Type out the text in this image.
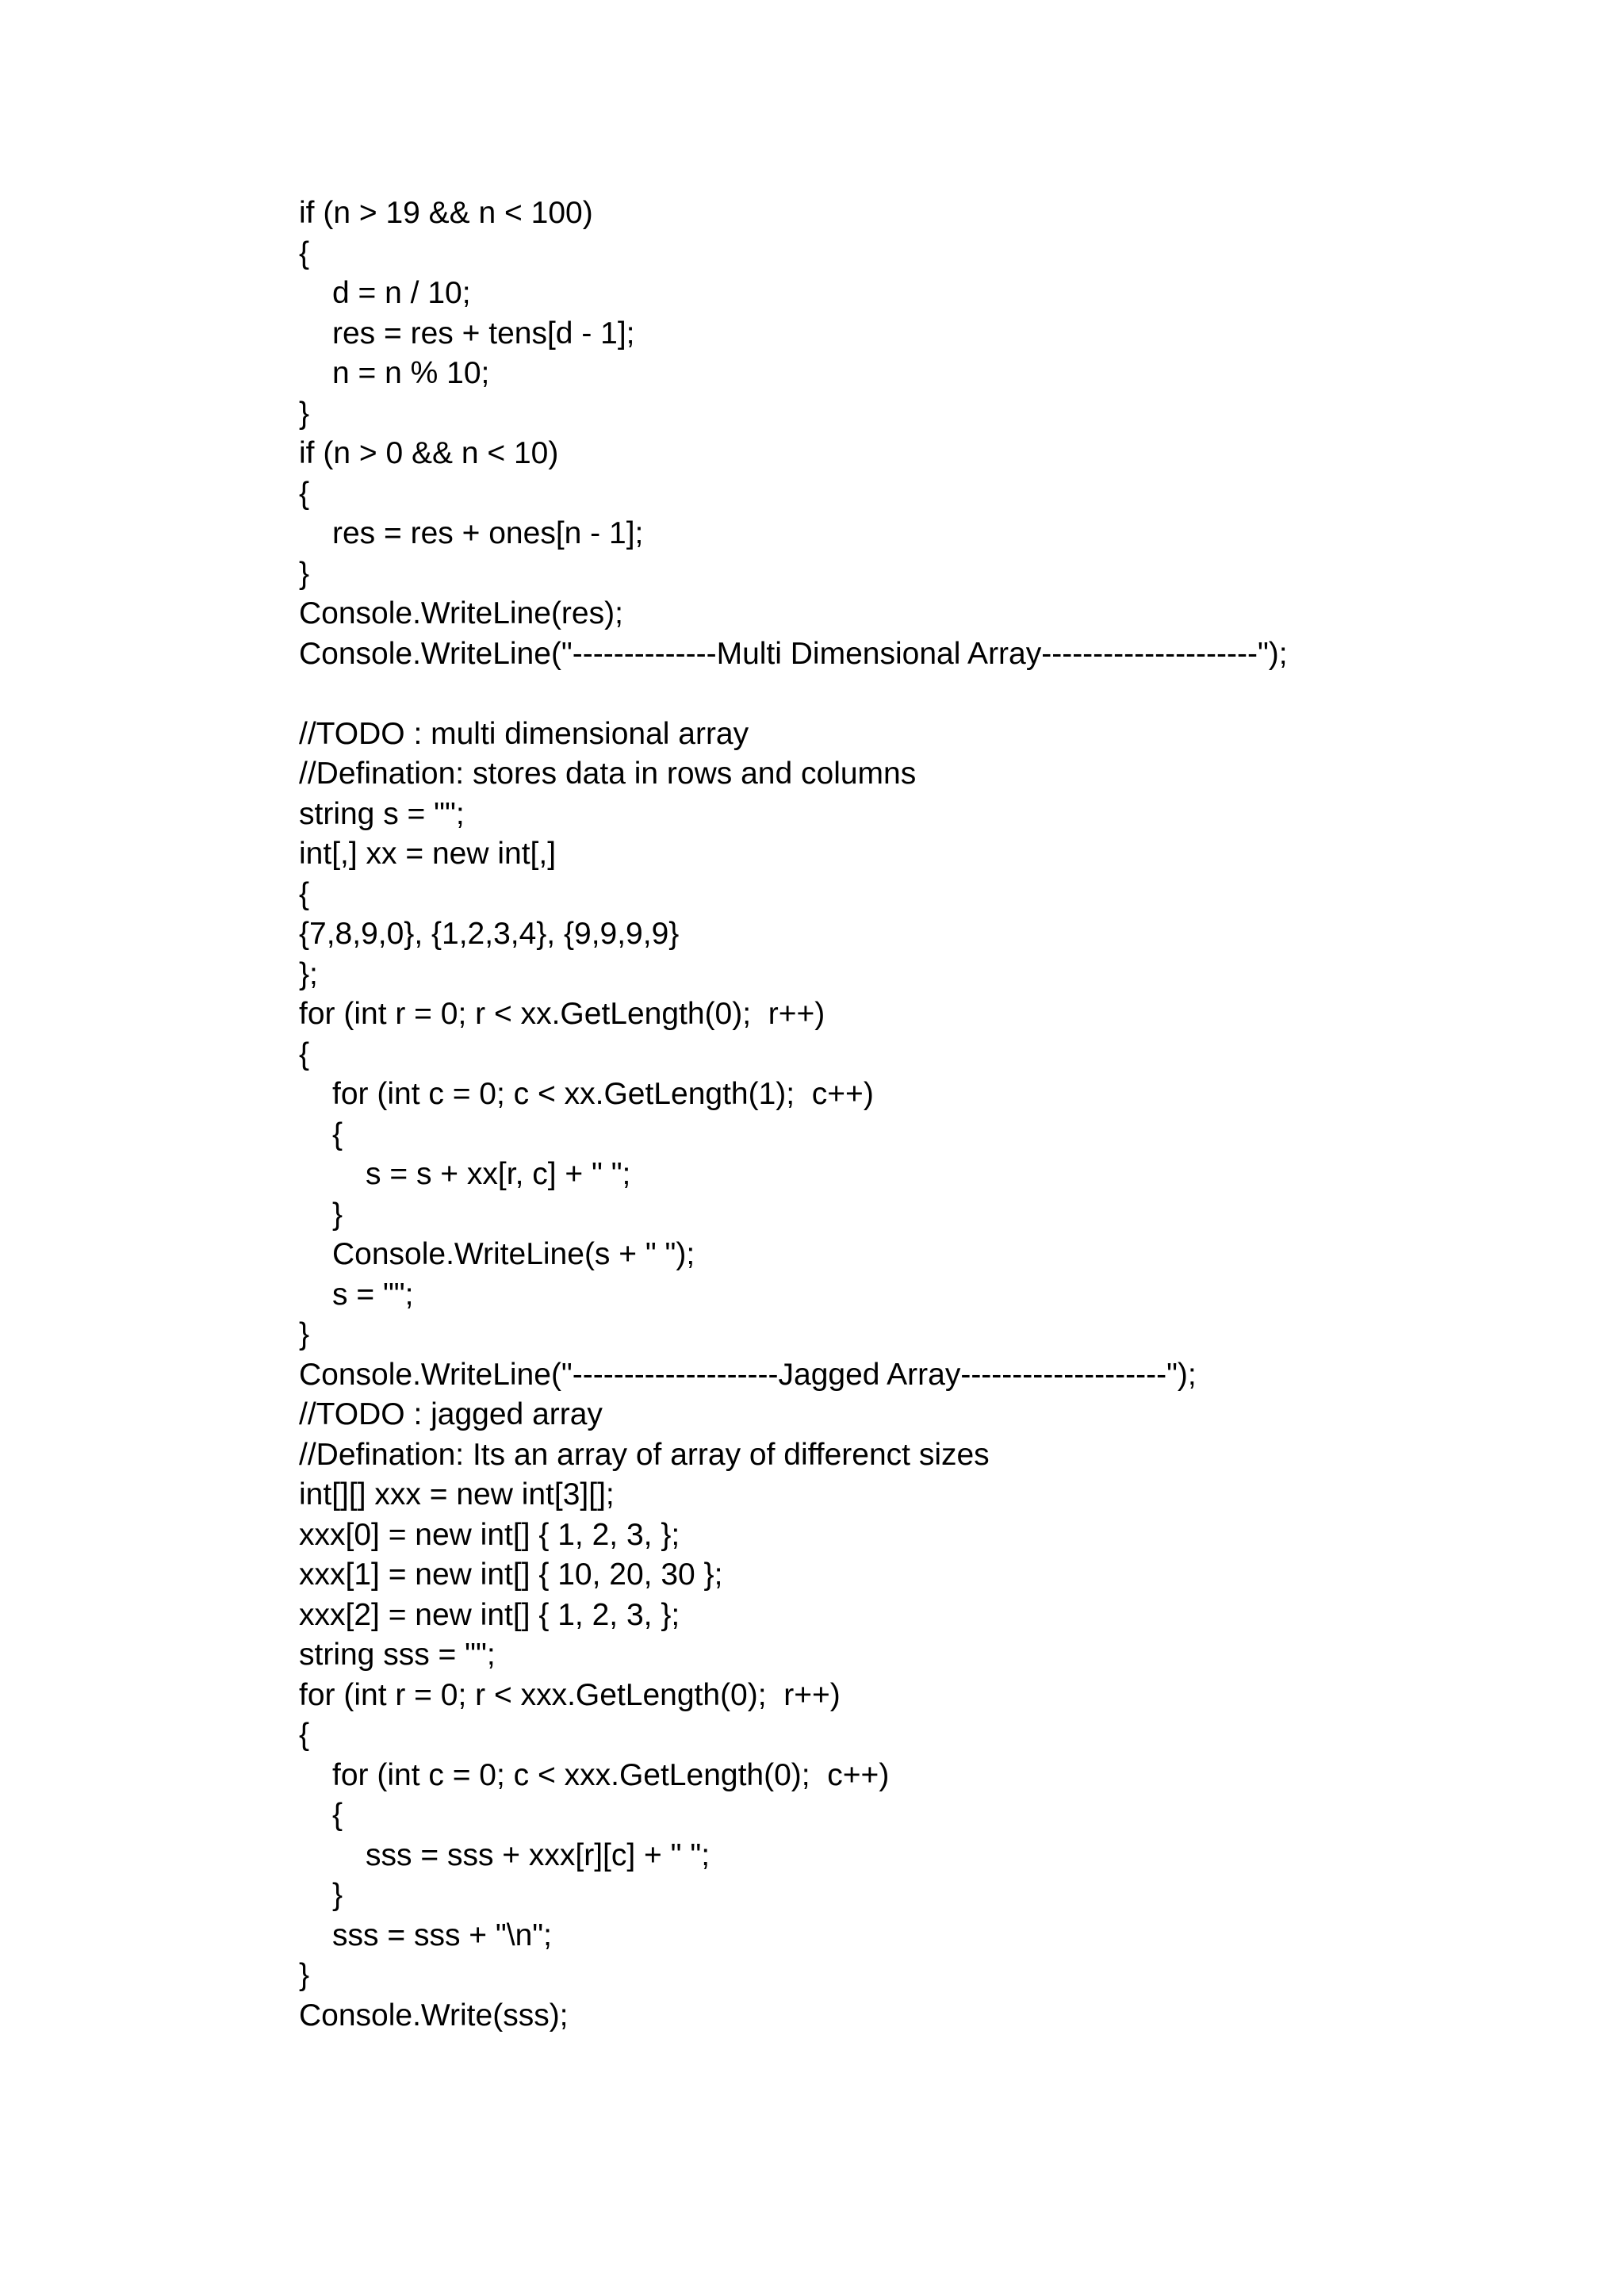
if (n > 19 && n < 100)
{
d = n / 10;
res = res + tens[d - 1];
n = n % 10;
}
if (n > 0 && n < 10)
{
res = res + ones[n - 1];
}
Console.WriteLine(res);
Console.WriteLine("--------------Multi Dimensional Array---------------------");
//TODO : multi dimensional array
//Defination: stores data in rows and columns
string s = "";
int[,] xx = new int[,]
{
{7,8,9,0}, {1,2,3,4}, {9,9,9,9}
};
for (int r = 0; r < xx.GetLength(0);  r++)
{
for (int c = 0; c < xx.GetLength(1);  c++)
{
s = s + xx[r, c] + " ";
}
Console.WriteLine(s + " ");
s = "";
}
Console.WriteLine("--------------------Jagged Array--------------------");
//TODO : jagged array
//Defination: Its an array of array of differenct sizes
int[][] xxx = new int[3][];
xxx[0] = new int[] { 1, 2, 3, };
xxx[1] = new int[] { 10, 20, 30 };
xxx[2] = new int[] { 1, 2, 3, };
string sss = "";
for (int r = 0; r < xxx.GetLength(0);  r++)
{
for (int c = 0; c < xxx.GetLength(0);  c++)
{
sss = sss + xxx[r][c] + " ";
}
sss = sss + "\n";
}
Console.Write(sss);
